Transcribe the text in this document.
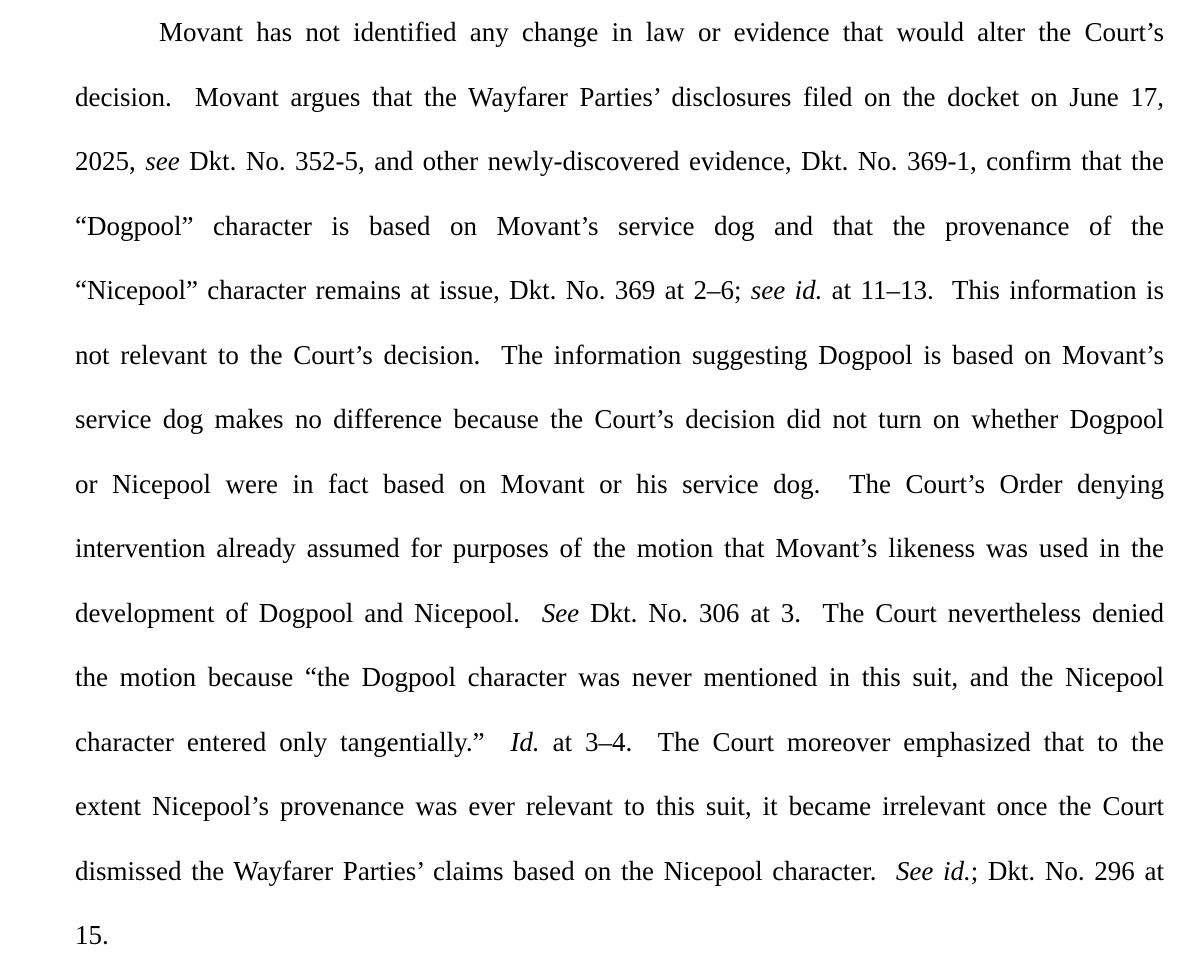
Movant has not identified any change in law or evidence that would alter the Court’s
decision.  Movant argues that the Wayfarer Parties’ disclosures filed on the docket on June 17,
2025, see Dkt. No. 352-5, and other newly-discovered evidence, Dkt. No. 369-1, confirm that the
“Dogpool” character is based on Movant’s service dog and that the provenance of the
“Nicepool” character remains at issue, Dkt. No. 369 at 2–6; see id. at 11–13.  This information is
not relevant to the Court’s decision.  The information suggesting Dogpool is based on Movant’s
service dog makes no difference because the Court’s decision did not turn on whether Dogpool
or Nicepool were in fact based on Movant or his service dog.  The Court’s Order denying
intervention already assumed for purposes of the motion that Movant’s likeness was used in the
development of Dogpool and Nicepool.  See Dkt. No. 306 at 3.  The Court nevertheless denied
the motion because “the Dogpool character was never mentioned in this suit, and the Nicepool
character entered only tangentially.”  Id. at 3–4.  The Court moreover emphasized that to the
extent Nicepool’s provenance was ever relevant to this suit, it became irrelevant once the Court
dismissed the Wayfarer Parties’ claims based on the Nicepool character.  See id.; Dkt. No. 296 at
15.
